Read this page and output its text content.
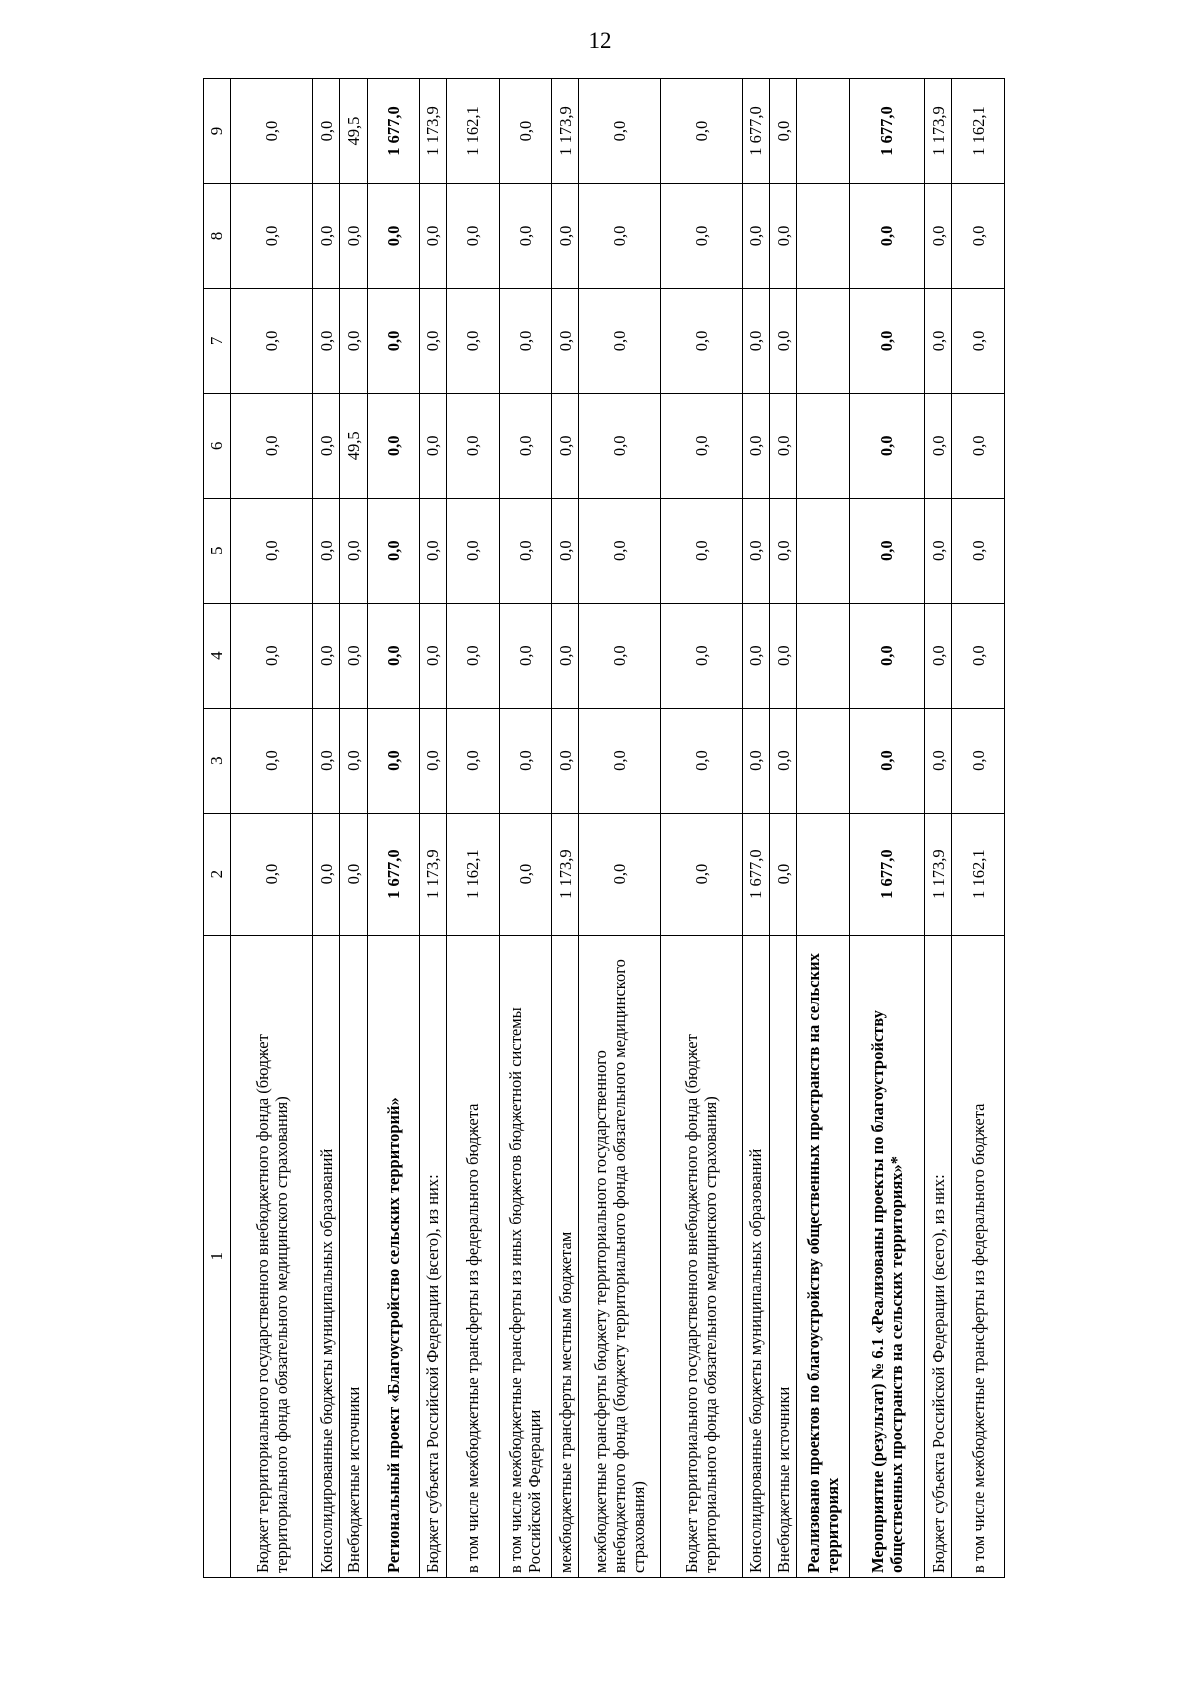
12
1	2	3	4	5	6	7	8	9
Бюджет территориального государственного внебюджетного фонда (бюджет территориального фонда обязательного медицинского страхования)	0,0	0,0	0,0	0,0	0,0	0,0	0,0	0,0
Консолидированные бюджеты муниципальных образований	0,0	0,0	0,0	0,0	0,0	0,0	0,0	0,0
Внебюджетные источники	0,0	0,0	0,0	0,0	49,5	0,0	0,0	49,5
Региональный проект «Благоустройство сельских территорий»	1 677,0	0,0	0,0	0,0	0,0	0,0	0,0	1 677,0
Бюджет субъекта Российской Федерации (всего), из них:	1 173,9	0,0	0,0	0,0	0,0	0,0	0,0	1 173,9
в том числе межбюджетные трансферты из федерального бюджета	1 162,1	0,0	0,0	0,0	0,0	0,0	0,0	1 162,1
в том числе межбюджетные трансферты из иных бюджетов бюджетной системы Российской Федерации	0,0	0,0	0,0	0,0	0,0	0,0	0,0	0,0
межбюджетные трансферты местным бюджетам	1 173,9	0,0	0,0	0,0	0,0	0,0	0,0	1 173,9
межбюджетные трансферты бюджету территориального государственного внебюджетного фонда (бюджету территориального фонда обязательного медицинского страхования)	0,0	0,0	0,0	0,0	0,0	0,0	0,0	0,0
Бюджет территориального государственного внебюджетного фонда (бюджет территориального фонда обязательного медицинского страхования)	0,0	0,0	0,0	0,0	0,0	0,0	0,0	0,0
Консолидированные бюджеты муниципальных образований	1 677,0	0,0	0,0	0,0	0,0	0,0	0,0	1 677,0
Внебюджетные источники	0,0	0,0	0,0	0,0	0,0	0,0	0,0	0,0
Реализовано проектов по благоустройству общественных пространств на сельских территориях								
Мероприятие (результат) № 6.1 «Реализованы проекты по благоустройству общественных пространств на сельских территориях»*	1 677,0	0,0	0,0	0,0	0,0	0,0	0,0	1 677,0
Бюджет субъекта Российской Федерации (всего), из них:	1 173,9	0,0	0,0	0,0	0,0	0,0	0,0	1 173,9
в том числе межбюджетные трансферты из федерального бюджета	1 162,1	0,0	0,0	0,0	0,0	0,0	0,0	1 162,1
